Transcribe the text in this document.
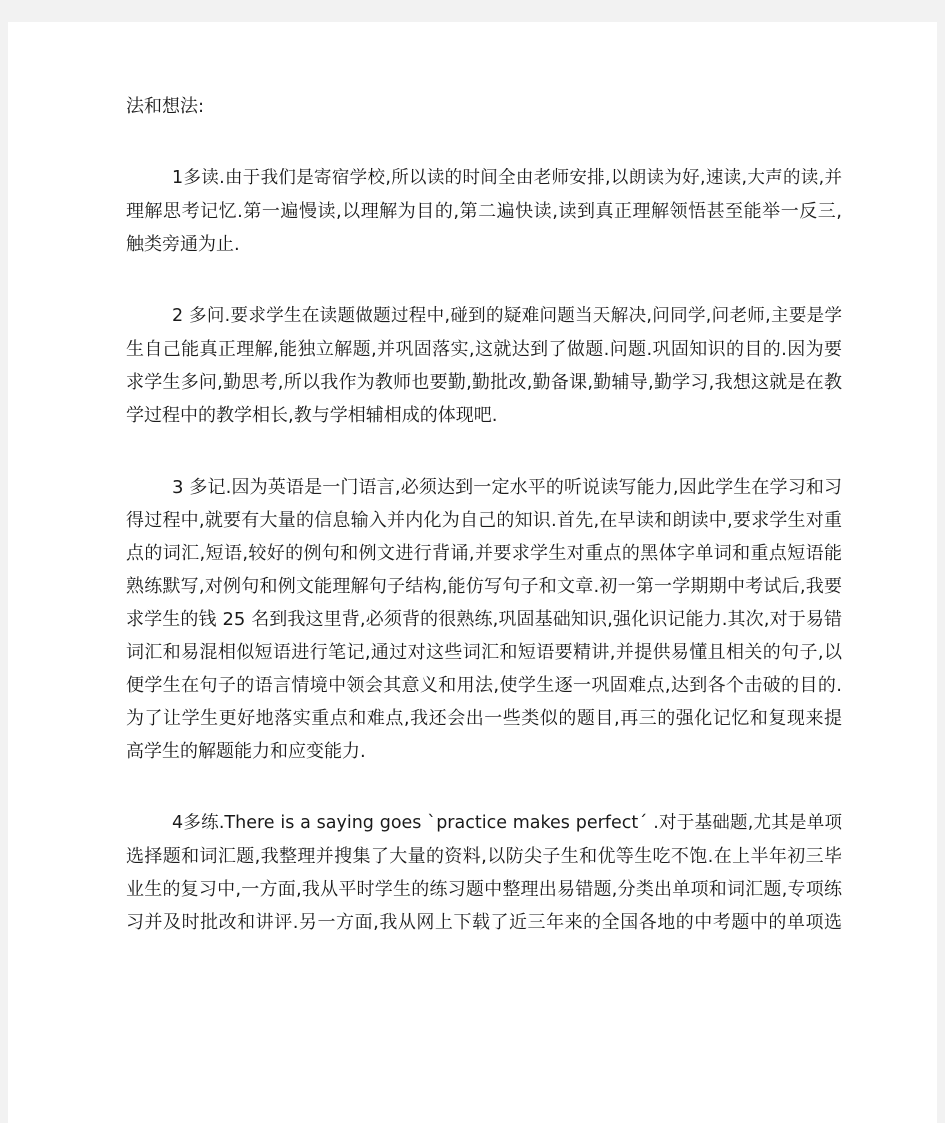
法和想法:
1多读.由于我们是寄宿学校,所以读的时间全由老师安排,以朗读为好,速读,大声的读,并
理解思考记忆.第一遍慢读,以理解为目的,第二遍快读,读到真正理解领悟甚至能举一反三,
触类旁通为止.
2 多问.要求学生在读题做题过程中,碰到的疑难问题当天解决,问同学,问老师,主要是学
生自己能真正理解,能独立解题,并巩固落实,这就达到了做题.问题.巩固知识的目的.因为要
求学生多问,勤思考,所以我作为教师也要勤,勤批改,勤备课,勤辅导,勤学习,我想这就是在教
学过程中的教学相长,教与学相辅相成的体现吧.
3 多记.因为英语是一门语言,必须达到一定水平的听说读写能力,因此学生在学习和习
得过程中,就要有大量的信息输入并内化为自己的知识.首先,在早读和朗读中,要求学生对重
点的词汇,短语,较好的例句和例文进行背诵,并要求学生对重点的黑体字单词和重点短语能
熟练默写,对例句和例文能理解句子结构,能仿写句子和文章.初一第一学期期中考试后,我要
求学生的钱 25 名到我这里背,必须背的很熟练,巩固基础知识,强化识记能力.其次,对于易错
词汇和易混相似短语进行笔记,通过对这些词汇和短语要精讲,并提供易懂且相关的句子,以
便学生在句子的语言情境中领会其意义和用法,使学生逐一巩固难点,达到各个击破的目的.
为了让学生更好地落实重点和难点,我还会出一些类似的题目,再三的强化记忆和复现来提
高学生的解题能力和应变能力.
4多练.There is a saying goes ˋpractice makes perfectˊ .对于基础题,尤其是单项
选择题和词汇题,我整理并搜集了大量的资料,以防尖子生和优等生吃不饱.在上半年初三毕
业生的复习中,一方面,我从平时学生的练习题中整理出易错题,分类出单项和词汇题,专项练
习并及时批改和讲评.另一方面,我从网上下载了近三年来的全国各地的中考题中的单项选
